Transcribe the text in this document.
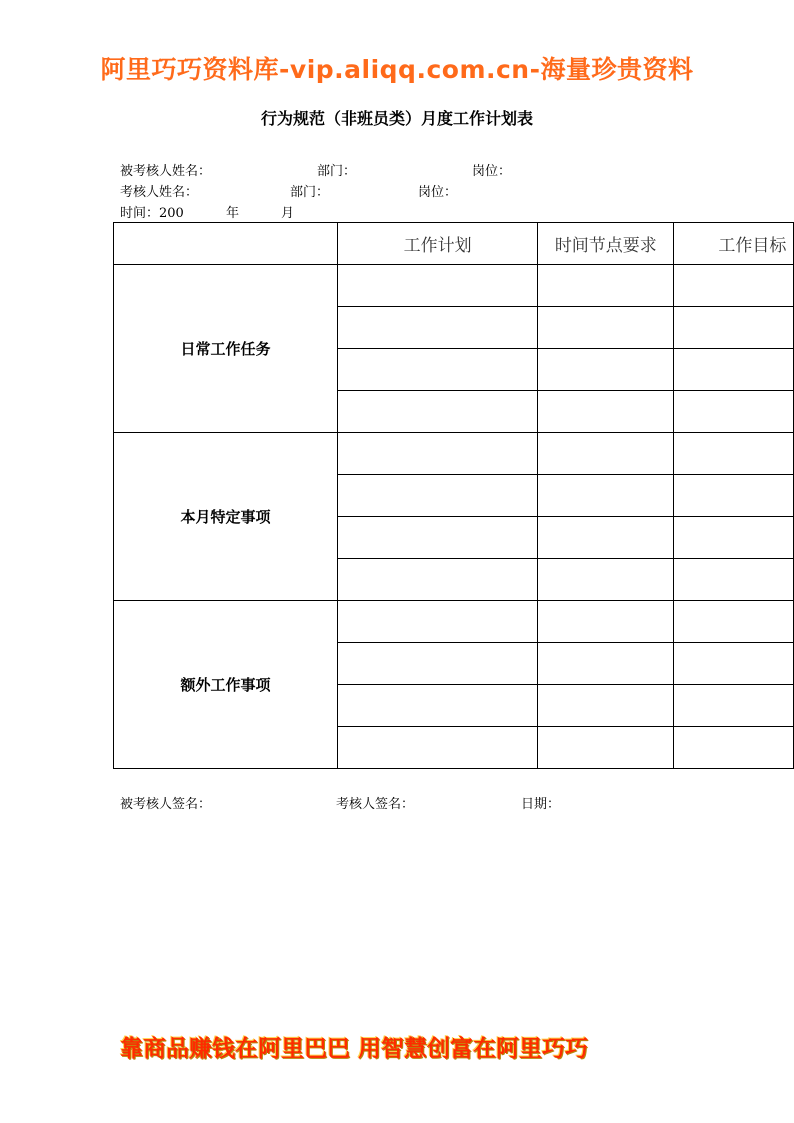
阿里巧巧资料库-vip.aliqq.com.cn-海量珍贵资料
行为规范（非班员类）月度工作计划表
被考核人姓名：	部门：	岗位：
考核人姓名：	部门：	岗位：
时间：200	年	月
	工作计划	时间节点要求	工作目标
日常工作任务			

本月特定事项			

额外工作事项			

被考核人签名：	考核人签名：	日期：
靠商品赚钱在阿里巴巴 用智慧创富在阿里巧巧
